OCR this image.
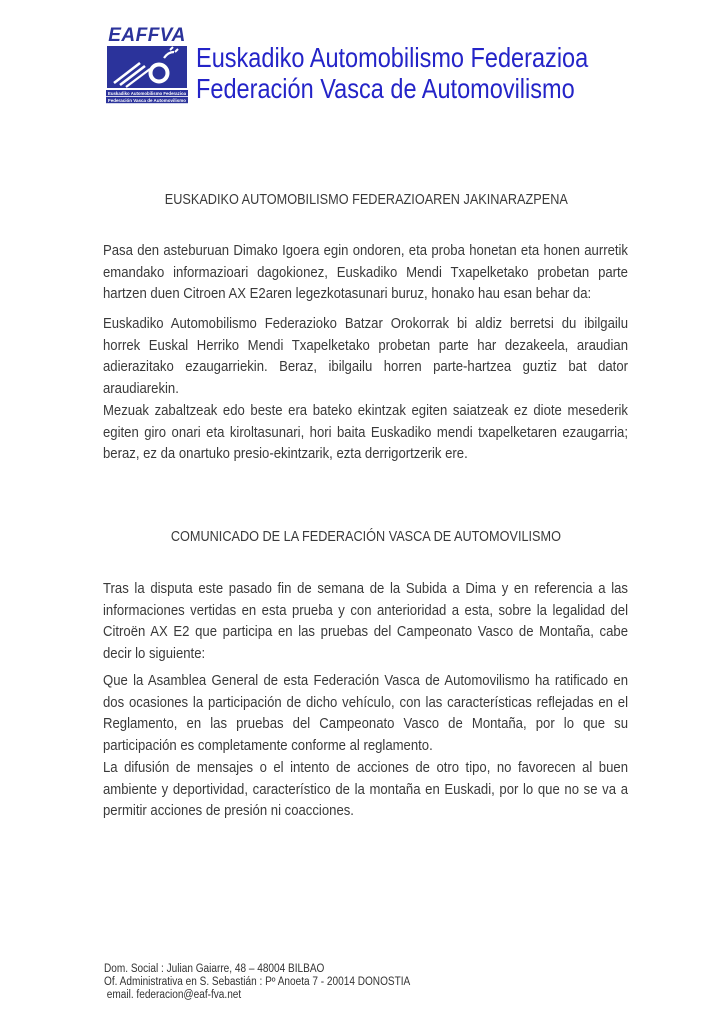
EAFFVA
Euskadiko Automobilismo Federazioa
Federación Vasca de Automovilismo
Euskadiko Automobilismo Federazioa
Federación Vasca de Automovilismo
EUSKADIKO AUTOMOBILISMO FEDERAZIOAREN JAKINARAZPENA

Pasa den asteburuan Dimako Igoera egin ondoren, eta proba honetan eta honen aurretik emandako informazioari dagokionez, Euskadiko Mendi Txapelketako probetan parte hartzen duen Citroen AX E2aren legezkotasunari buruz, honako hau esan behar da:

Euskadiko Automobilismo Federazioko Batzar Orokorrak bi aldiz berretsi du ibilgailu horrek Euskal Herriko Mendi Txapelketako probetan parte har dezakeela, araudian adierazitako ezaugarriekin. Beraz, ibilgailu horren parte-hartzea guztiz bat dator araudiarekin.

Mezuak zabaltzeak edo beste era bateko ekintzak egiten saiatzeak ez diote mesederik egiten giro onari eta kiroltasunari, hori baita Euskadiko mendi txapelketaren ezaugarria; beraz, ez da onartuko presio-ekintzarik, ezta derrigortzerik ere.

COMUNICADO DE LA FEDERACIÓN VASCA DE AUTOMOVILISMO

Tras la disputa este pasado fin de semana de la Subida a Dima y en referencia a las informaciones vertidas en esta prueba y con anterioridad a esta, sobre la legalidad del Citroën AX E2 que participa en las pruebas del Campeonato Vasco de Montaña, cabe decir lo siguiente:

Que la Asamblea General de esta Federación Vasca de Automovilismo ha ratificado en dos ocasiones la participación de dicho vehículo, con las características reflejadas en el Reglamento, en las pruebas del Campeonato Vasco de Montaña, por lo que su participación es completamente conforme al reglamento.

La difusión de mensajes o el intento de acciones de otro tipo, no favorecen al buen ambiente y deportividad, característico de la montaña en Euskadi, por lo que no se va a permitir acciones de presión ni coacciones.

Dom. Social : Julian Gaiarre, 48 – 48004 BILBAO
Of. Administrativa en S. Sebastián : Pº Anoeta 7 - 20014 DONOSTIA
email. federacion@eaf-fva.net
